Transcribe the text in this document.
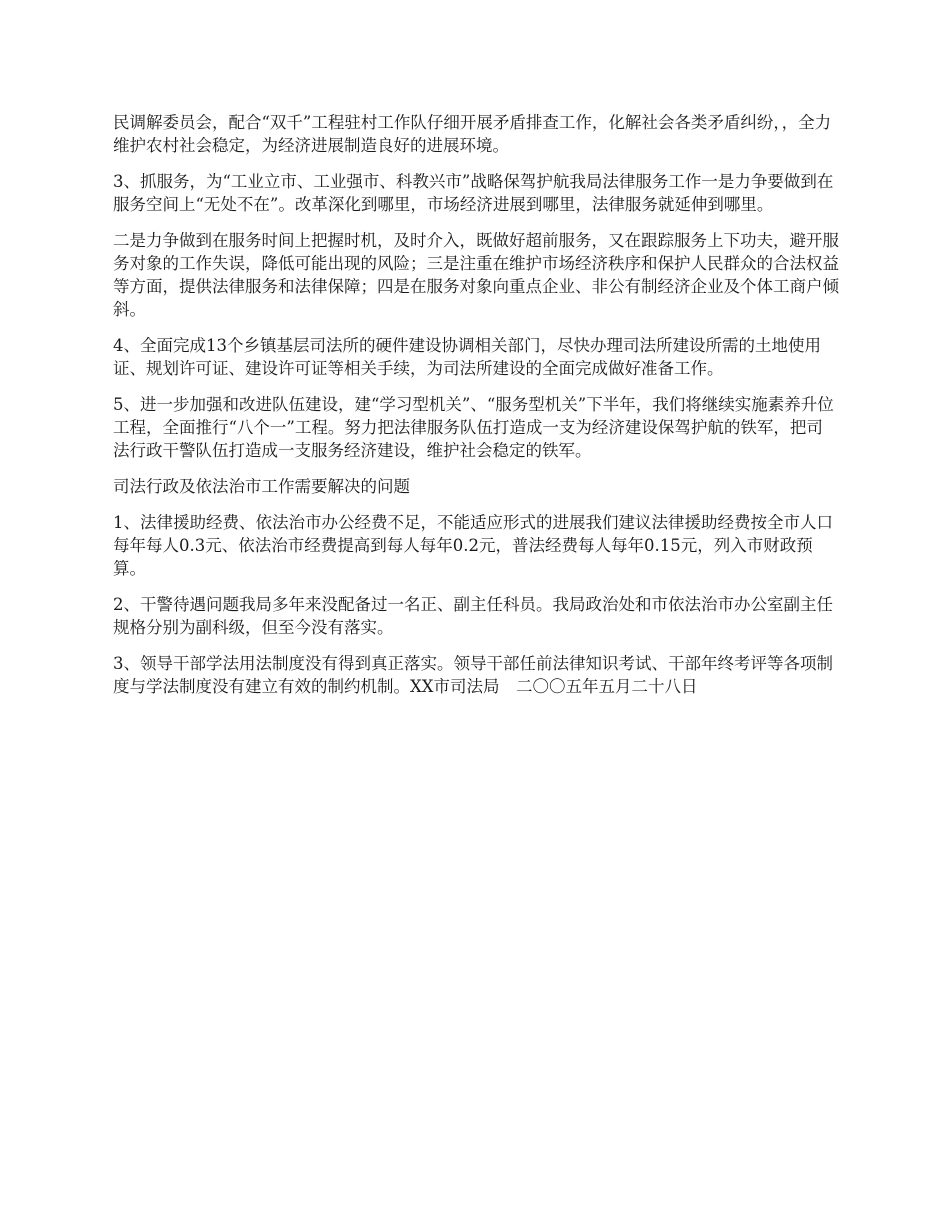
民调解委员会，配合“双千”工程驻村工作队仔细开展矛盾排查工作，化解社会各类矛盾纠纷，，全力维护农村社会稳定，为经济进展制造良好的进展环境。

3、抓服务，为“工业立市、工业强市、科教兴市”战略保驾护航我局法律服务工作一是力争要做到在服务空间上“无处不在”。改革深化到哪里，市场经济进展到哪里，法律服务就延伸到哪里。

二是力争做到在服务时间上把握时机，及时介入，既做好超前服务，又在跟踪服务上下功夫，避开服务对象的工作失误，降低可能出现的风险；三是注重在维护市场经济秩序和保护人民群众的合法权益等方面，提供法律服务和法律保障；四是在服务对象向重点企业、非公有制经济企业及个体工商户倾斜。

4、全面完成13个乡镇基层司法所的硬件建设协调相关部门，尽快办理司法所建设所需的土地使用证、规划许可证、建设许可证等相关手续，为司法所建设的全面完成做好准备工作。

5、进一步加强和改进队伍建设，建“学习型机关”、“服务型机关”下半年，我们将继续实施素养升位工程，全面推行“八个一”工程。努力把法律服务队伍打造成一支为经济建设保驾护航的铁军，把司法行政干警队伍打造成一支服务经济建设，维护社会稳定的铁军。

司法行政及依法治市工作需要解决的问题

1、法律援助经费、依法治市办公经费不足，不能适应形式的进展我们建议法律援助经费按全市人口每年每人0.3元、依法治市经费提高到每人每年0.2元，普法经费每人每年0.15元，列入市财政预算。

2、干警待遇问题我局多年来没配备过一名正、副主任科员。我局政治处和市依法治市办公室副主任规格分别为副科级，但至今没有落实。

3、领导干部学法用法制度没有得到真正落实。领导干部任前法律知识考试、干部年终考评等各项制度与学法制度没有建立有效的制约机制。XX市司法局　二〇〇五年五月二十八日
